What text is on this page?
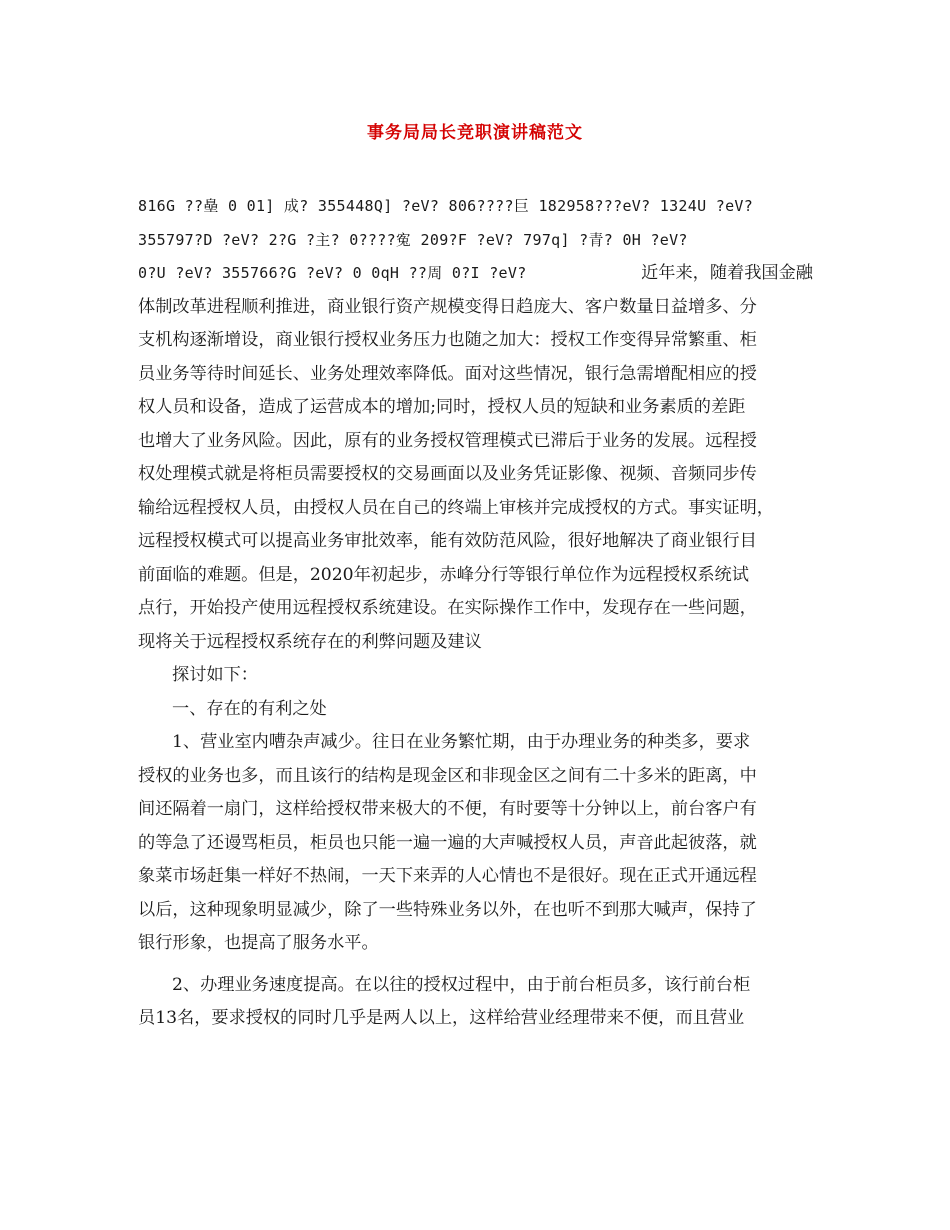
事务局局长竞职演讲稿范文
816G ??皨 0 01] 成? 355448Q] ?eV? 806????巨 182958???eV? 1324U ?eV?
355797?D ?eV? 2?G ?主? 0????寃 209?F ?eV? 797q] ?青? 0H ?eV?
0?U ?eV? 355766?G ?eV? 0 0qH ??周 0?I ?eV?	近年来，随着我国金融
体制改革进程顺利推进，商业银行资产规模变得日趋庞大、客户数量日益增多、分
支机构逐渐增设，商业银行授权业务压力也随之加大：授权工作变得异常繁重、柜
员业务等待时间延长、业务处理效率降低。面对这些情况，银行急需增配相应的授
权人员和设备，造成了运营成本的增加;同时，授权人员的短缺和业务素质的差距
也增大了业务风险。因此，原有的业务授权管理模式已滞后于业务的发展。远程授
权处理模式就是将柜员需要授权的交易画面以及业务凭证影像、视频、音频同步传
输给远程授权人员，由授权人员在自己的终端上审核并完成授权的方式。事实证明，
远程授权模式可以提高业务审批效率，能有效防范风险，很好地解决了商业银行目
前面临的难题。但是，2020年初起步，赤峰分行等银行单位作为远程授权系统试
点行，开始投产使用远程授权系统建设。在实际操作工作中，发现存在一些问题，
现将关于远程授权系统存在的利弊问题及建议
探讨如下：
一、存在的有利之处
1、营业室内嘈杂声减少。往日在业务繁忙期，由于办理业务的种类多，要求
授权的业务也多，而且该行的结构是现金区和非现金区之间有二十多米的距离，中
间还隔着一扇门，这样给授权带来极大的不便，有时要等十分钟以上，前台客户有
的等急了还谩骂柜员，柜员也只能一遍一遍的大声喊授权人员，声音此起彼落，就
象菜市场赶集一样好不热闹，一天下来弄的人心情也不是很好。现在正式开通远程
以后，这种现象明显减少，除了一些特殊业务以外，在也听不到那大喊声，保持了
银行形象，也提高了服务水平。
2、办理业务速度提高。在以往的授权过程中，由于前台柜员多，该行前台柜
员13名，要求授权的同时几乎是两人以上，这样给营业经理带来不便，而且营业
